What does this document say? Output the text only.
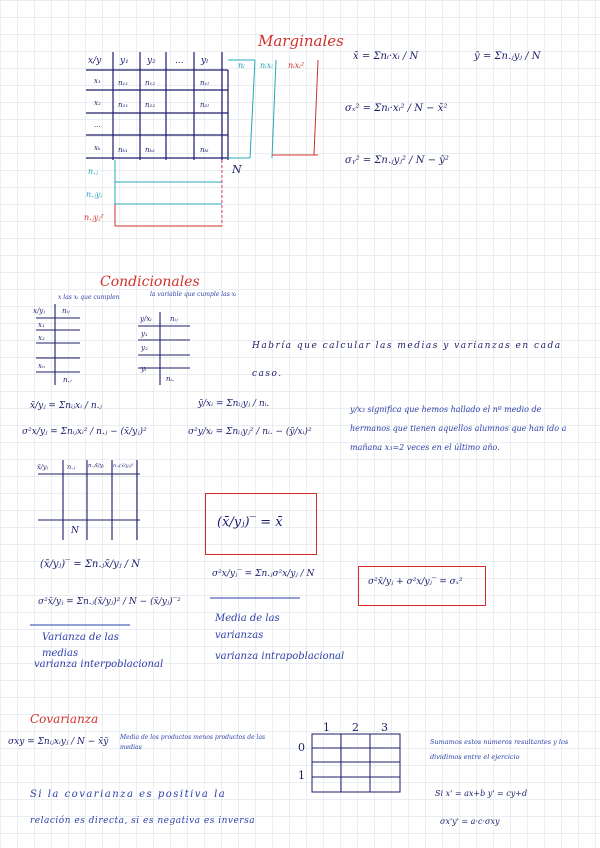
Marginales
x/y y₁ y₂ ... yₗ
x₁ n₁₁ n₁₂	n₁ₗ
x₂ n₂₁ n₂₂	n₂ₗ
...
xₖ nₖ₁ nₖ₂	nₖₗ
nᵢ nᵢxᵢ nᵢxᵢ²
n.ⱼ
n.ⱼyⱼ
n.ⱼyⱼ²
N
x̄ = Σnᵢ·xᵢ / N	ȳ = Σn.ⱼyⱼ / N
σₓ² = Σnᵢ·xᵢ² / N − x̄²
σᵧ² = Σn.ⱼyⱼ² / N − ȳ²
Condicionales
x las xᵢ que cumplen	la variable que cumple las xᵢ
x/yⱼ nᵢⱼ
x₁
x₂
xₙ
n.ⱼ
y/xᵢ	nᵢⱼ
y₁
y₂
yₗ
nᵢ.
Habría que calcular las medias y varianzas en cada caso.
x̄/yⱼ = Σnᵢⱼxᵢ / n.ⱼ
σ²x/yⱼ = Σnᵢⱼxᵢ² / n.ⱼ − (x̄/yⱼ)²
ȳ/xᵢ = Σnᵢⱼyⱼ / nᵢ.
σ²y/xᵢ = Σnᵢⱼyⱼ² / nᵢ. − (ȳ/xᵢ)²
y/x₃ significa que hemos hallado el nº medio de hermanos que tienen aquellos alumnos que han ido a mañana x₃=2 veces en el último año.
x̄/yⱼ	n.ⱼ n.ⱼx̄/yⱼ n.ⱼ(x̄/yⱼ)²
N
(x̄/yⱼ)‾ = x̄
(x̄/yⱼ)‾ = Σn.ⱼx̄/yⱼ / N
σ²x̄/yⱼ = Σn.ⱼ(x̄/yⱼ)² / N − (x̄/yⱼ)‾²
Varianza de las medias
varianza interpoblacional
σ²x/yⱼ‾ = Σn.ⱼσ²x/yⱼ / N
Media de las varianzas
varianza intrapoblacional
σ²x̄/yⱼ + σ²x/yⱼ‾ = σₓ²
Covarianza
σxy = Σnᵢⱼxᵢyⱼ / N − x̄ȳ Media de los productos menos productos de las medias
1 2 3
0
1
Sumamos estos números resultantes y los dividimos entre el ejercicio
Si x' = ax+b y' = cy+d
σx'y' = a·c·σxy
Si la covarianza es positiva la
relación es directa, si es negativa es inversa
